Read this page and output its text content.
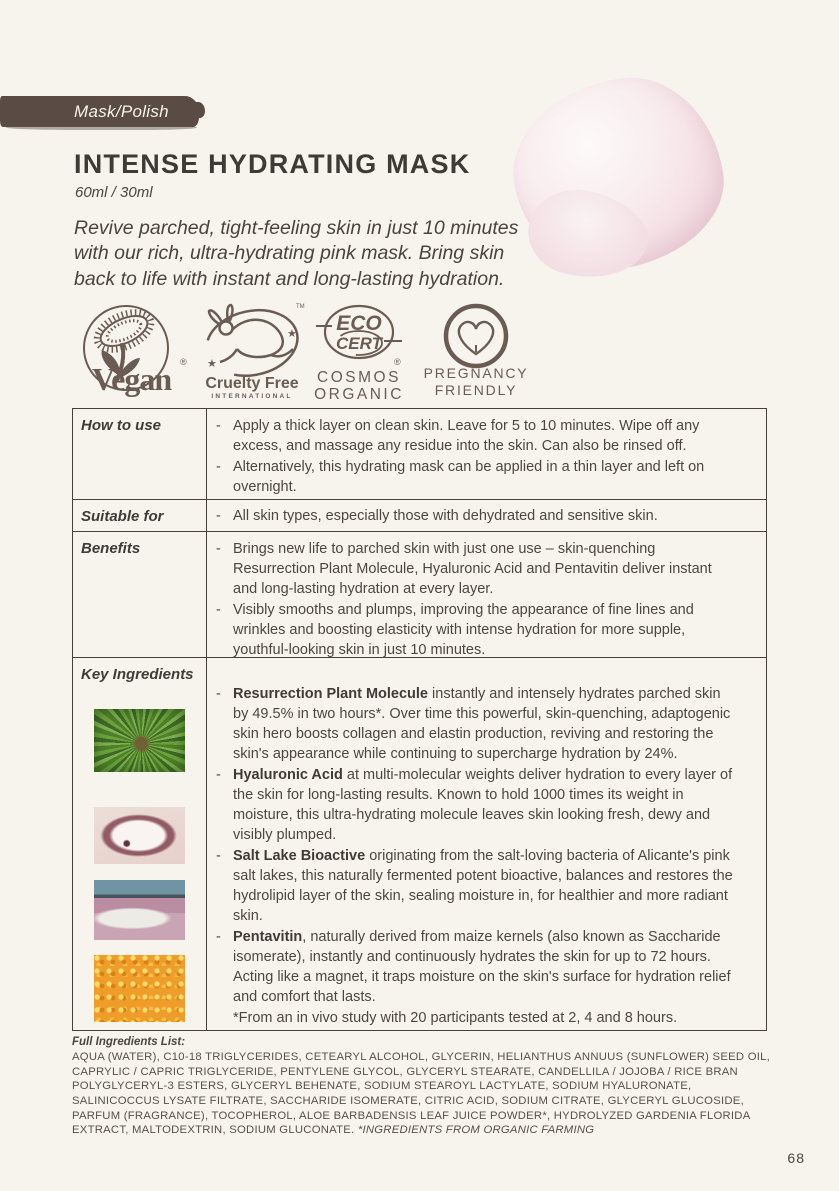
Mask/Polish
INTENSE HYDRATING MASK
60ml / 30ml
Revive parched, tight-feeling skin in just 10 minutes with our rich, ultra-hydrating pink mask. Bring skin back to life with instant and long-lasting hydration.
Vegan ® ★
★
TM
Cruelty Free
INTERNATIONAL
ECO
CERT
®
COSMOS
ORGANIC
PREGNANCY
FRIENDLY
How to use	- Apply a thick layer on clean skin. Leave for 5 to 10 minutes. Wipe off any excess, and massage any residue into the skin. Can also be rinsed off.

- Alternatively, this hydrating mask can be applied in a thin layer and left on overnight.

Suitable for	- All skin types, especially those with dehydrated and sensitive skin.

Benefits	- Brings new life to parched skin with just one use – skin-quenching Resurrection Plant Molecule, Hyaluronic Acid and Pentavitin deliver instant and long-lasting hydration at every layer.

- Visibly smooths and plumps, improving the appearance of fine lines and wrinkles and boosting elasticity with intense hydration for more supple, youthful-looking skin in just 10 minutes.

Key Ingredients
- Resurrection Plant Molecule instantly and intensely hydrates parched skin by 49.5% in two hours*. Over time this powerful, skin-quenching, adaptogenic skin hero boosts collagen and elastin production, reviving and restoring the skin's appearance while continuing to supercharge hydration by 24%.

- Hyaluronic Acid at multi-molecular weights deliver hydration to every layer of the skin for long-lasting results. Known to hold 1000 times its weight in moisture, this ultra-hydrating molecule leaves skin looking fresh, dewy and visibly plumped.

- Salt Lake Bioactive originating from the salt-loving bacteria of Alicante's pink salt lakes, this naturally fermented potent bioactive, balances and restores the hydrolipid layer of the skin, sealing moisture in, for healthier and more radiant skin.

- Pentavitin, naturally derived from maize kernels (also known as Saccharide isomerate), instantly and continuously hydrates the skin for up to 72 hours. Acting like a magnet, it traps moisture on the skin's surface for hydration relief and comfort that lasts.

*From an in vivo study with 20 participants tested at 2, 4 and 8 hours.
Full Ingredients List:
AQUA (WATER), C10-18 TRIGLYCERIDES, CETEARYL ALCOHOL, GLYCERIN, HELIANTHUS ANNUUS (SUNFLOWER) SEED OIL, CAPRYLIC / CAPRIC TRIGLYCERIDE, PENTYLENE GLYCOL, GLYCERYL STEARATE, CANDELLILA / JOJOBA / RICE BRAN POLYGLYCERYL-3 ESTERS, GLYCERYL BEHENATE, SODIUM STEAROYL LACTYLATE, SODIUM HYALURONATE, SALINICOCCUS LYSATE FILTRATE, SACCHARIDE ISOMERATE, CITRIC ACID, SODIUM CITRATE, GLYCERYL GLUCOSIDE, PARFUM (FRAGRANCE), TOCOPHEROL, ALOE BARBADENSIS LEAF JUICE POWDER*, HYDROLYZED GARDENIA FLORIDA EXTRACT, MALTODEXTRIN, SODIUM GLUCONATE. *INGREDIENTS FROM ORGANIC FARMING
68
